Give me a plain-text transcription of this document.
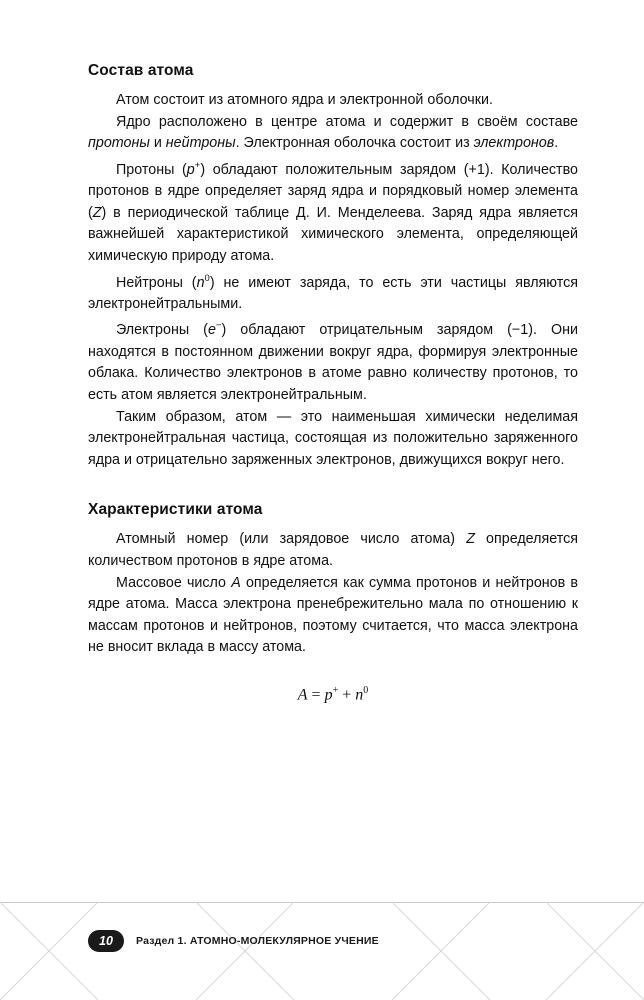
Состав атома

Атом состоит из атомного ядра и электронной оболочки.

Ядро расположено в центре атома и содержит в своём составе протоны и нейтроны. Электронная оболочка состоит из электронов.

Протоны (p+) обладают положительным зарядом (+1). Количество протонов в ядре определяет заряд ядра и порядковый номер элемента (Z) в периодической таблице Д. И. Менделеева. Заряд ядра является важнейшей характеристикой химического элемента, определяющей химическую природу атома.

Нейтроны $(n^0)$ не имеют заряда, то есть эти частицы являются электронейтральными.

Электроны (e−) обладают отрицательным зарядом (−1). Они находятся в постоянном движении вокруг ядра, формируя электронные облака. Количество электронов в атоме равно количеству протонов, то есть атом является электронейтральным.

Таким образом, атом — это наименьшая химически неделимая электронейтральная частица, состоящая из положительно заряженного ядра и отрицательно заряженных электронов, движущихся вокруг него.

Характеристики атома

Атомный номер (или зарядовое число атома) Z определяется количеством протонов в ядре атома.

Массовое число A определяется как сумма протонов и нейтронов в ядре атома. Масса электрона пренебрежительно мала по отношению к массам протонов и нейтронов, поэтому считается, что масса электрона не вносит вклада в массу атома.

$A = p^+ + n^0$
10	Раздел 1. АТОМНО-МОЛЕКУЛЯРНОЕ УЧЕНИЕ
